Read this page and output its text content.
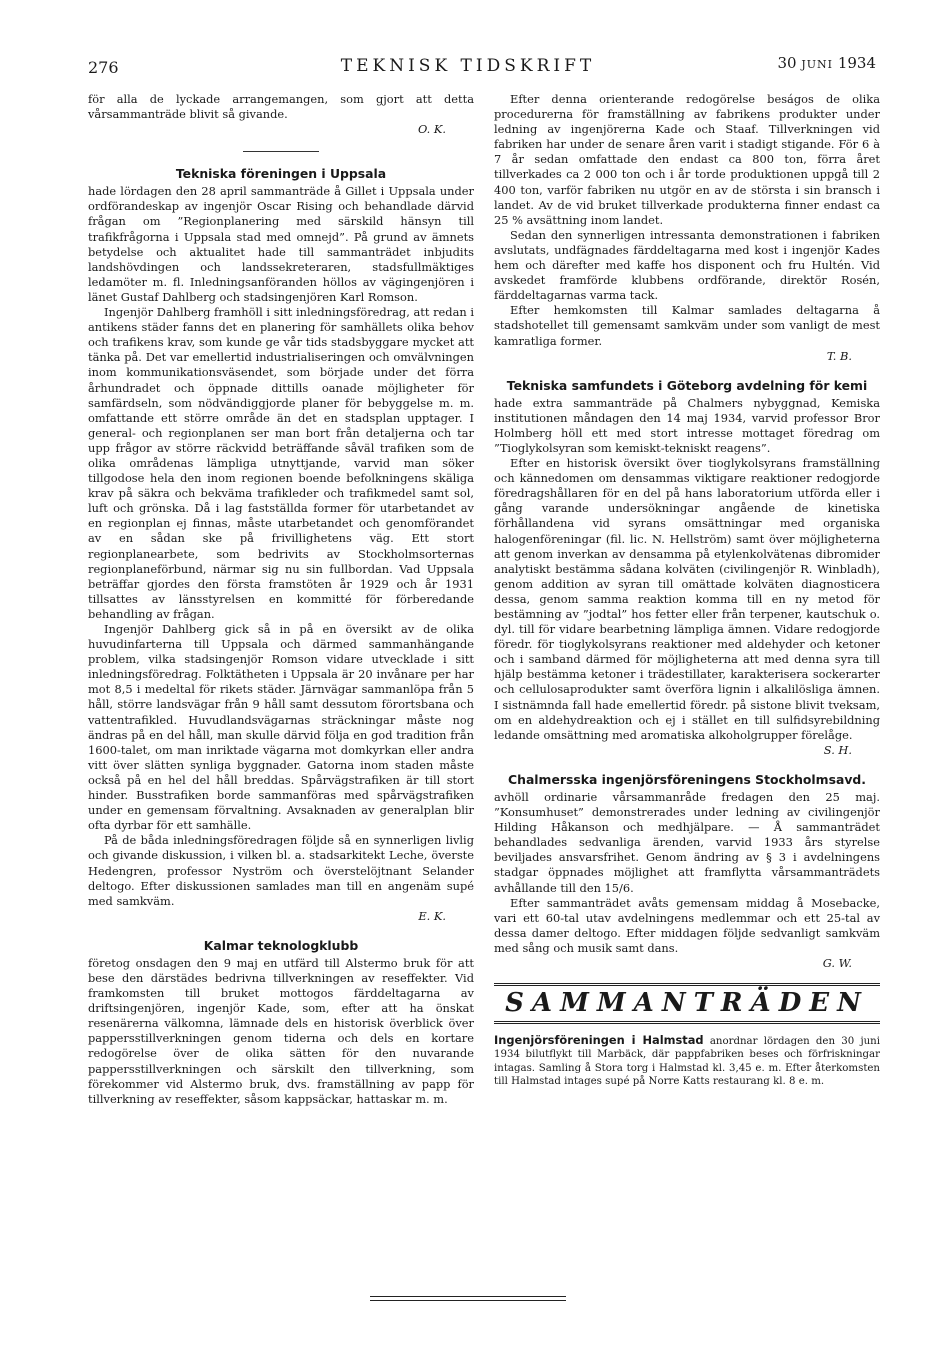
276	TEKNISK TIDSKRIFT	30 JUNI 1934

för alla de lyckade arrangemangen, som gjort att detta vårsammanträde blivit så givande.

O. K.
Tekniska föreningen i Uppsala

hade lördagen den 28 april sammanträde å Gillet i Uppsala under ordförandeskap av ingenjör Oscar Rising och behandlade därvid frågan om ”Regionplanering med särskild hänsyn till trafikfrågorna i Uppsala stad med omnejd”. På grund av ämnets betydelse och aktualitet hade till sammanträdet inbjudits landshövdingen och landssekreteraren, stadsfullmäktiges ledamöter m. fl. Inledningsanföranden höllos av vägingenjören i länet Gustaf Dahlberg och stadsingenjören Karl Romson.

Ingenjör Dahlberg framhöll i sitt inledningsföredrag, att redan i antikens städer fanns det en planering för samhällets olika behov och trafikens krav, som kunde ge vår tids stadsbyggare mycket att tänka på. Det var emellertid industrialiseringen och omvälvningen inom kommunikationsväsendet, som började under det förra århundradet och öppnade dittills oanade möjligheter för samfärdseln, som nödvändiggjorde planer för bebyggelse m. m. omfattande ett större område än det en stadsplan upptager. I general- och regionplanen ser man bort från detaljerna och tar upp frågor av större räckvidd beträffande såväl trafiken som de olika områdenas lämpliga utnyttjande, varvid man söker tillgodose hela den inom regionen boende befolkningens skäliga krav på säkra och bekväma trafikleder och trafikmedel samt sol, luft och grönska. Då i lag fastställda former för utarbetandet av en regionplan ej finnas, måste utarbetandet och genomförandet av en sådan ske på frivillighetens väg. Ett stort regionplanearbete, som bedrivits av Stockholmsorternas regionplaneförbund, närmar sig nu sin fullbordan. Vad Uppsala beträffar gjordes den första framstöten år 1929 och år 1931 tillsattes av länsstyrelsen en kommitté för förberedande behandling av frågan.

Ingenjör Dahlberg gick så in på en översikt av de olika huvudinfarterna till Uppsala och därmed sammanhängande problem, vilka stadsingenjör Romson vidare utvecklade i sitt inledningsföredrag. Folktätheten i Uppsala är 20 invånare per har mot 8,5 i medeltal för rikets städer. Järnvägar sammanlöpa från 5 håll, större landsvägar från 9 håll samt dessutom förortsbana och vattentrafikled. Huvudlandsvägarnas sträckningar måste nog ändras på en del håll, man skulle därvid följa en god tradition från 1600-talet, om man inriktade vägarna mot domkyrkan eller andra vitt över slätten synliga byggnader. Gatorna inom staden måste också på en hel del håll breddas. Spårvägstrafiken är till stort hinder. Busstrafiken borde sammanföras med spårvägstrafiken under en gemensam förvaltning. Avsaknaden av generalplan blir ofta dyrbar för ett samhälle.

På de båda inledningsföredragen följde så en synnerligen livlig och givande diskussion, i vilken bl. a. stadsarkitekt Leche, överste Hedengren, professor Nyström och överstelöjtnant Selander deltogo. Efter diskussionen samlades man till en angenäm supé med samkväm.

E. K.
Kalmar teknologklubb

företog onsdagen den 9 maj en utfärd till Alstermo bruk för att bese den därstädes bedrivna tillverkningen av reseffekter. Vid framkomsten till bruket mottogos färddeltagarna av driftsingenjören, ingenjör Kade, som, efter att ha önskat resenärerna välkomna, lämnade dels en historisk överblick över pappersstillverkningen genom tiderna och dels en kortare redogörelse över de olika sätten för den nuvarande pappersstillverkningen och särskilt den tillverkning, som förekommer vid Alstermo bruk, dvs. framställning av papp för tillverkning av reseffekter, såsom kappsäckar, hattaskar m. m.

Efter denna orienterande redogörelse beságos de olika procedurerna för framställning av fabrikens produkter under ledning av ingenjörerna Kade och Staaf. Tillverkningen vid fabriken har under de senare åren varit i stadigt stigande. För 6 à 7 år sedan omfattade den endast ca 800 ton, förra året tillverkades ca 2 000 ton och i år torde produktionen uppgå till 2 400 ton, varför fabriken nu utgör en av de största i sin bransch i landet. Av de vid bruket tillverkade produkterna finner endast ca 25 % avsättning inom landet.

Sedan den synnerligen intressanta demonstrationen i fabriken avslutats, undfägnades färddeltagarna med kost i ingenjör Kades hem och därefter med kaffe hos disponent och fru Hultén. Vid avskedet framförde klubbens ordförande, direktör Rosén, färddeltagarnas varma tack.

Efter hemkomsten till Kalmar samlades deltagarna å stadshotellet till gemensamt samkväm under som vanligt de mest kamratliga former.

T. B.
Tekniska samfundets i Göteborg avdelning för kemi

hade extra sammanträde på Chalmers nybyggnad, Kemiska institutionen måndagen den 14 maj 1934, varvid professor Bror Holmberg höll ett med stort intresse mottaget föredrag om ”Tioglykolsyran som kemiskt-tekniskt reagens”.

Efter en historisk översikt över tioglykolsyrans framställning och kännedomen om densammas viktigare reaktioner redogjorde föredragshållaren för en del på hans laboratorium utförda eller i gång varande undersökningar angående de kinetiska förhållandena vid syrans omsättningar med organiska halogenföreningar (fil. lic. N. Hellström) samt över möjligheterna att genom inverkan av densamma på etylenkolvätenas dibromider analytiskt bestämma sådana kolväten (civilingenjör R. Winbladh), genom addition av syran till omättade kolväten diagnosticera dessa, genom samma reaktion komma till en ny metod för bestämning av ”jodtal” hos fetter eller från terpener, kautschuk o. dyl. till för vidare bearbetning lämpliga ämnen. Vidare redogjorde föredr. för tioglykolsyrans reaktioner med aldehyder och ketoner och i samband därmed för möjligheterna att med denna syra till hjälp bestämma ketoner i trädestillater, karakterisera sockerarter och cellulosaprodukter samt överföra lignin i alkalilösliga ämnen. I sistnämnda fall hade emellertid föredr. på sistone blivit tveksam, om en aldehydreaktion och ej i stället en till sulfidsyrebildning ledande omsättning med aromatiska alkoholgrupper förelåge.

S. H.
Chalmersska ingenjörsföreningens Stockholmsavd.

avhöll ordinarie vårsammanråde fredagen den 25 maj. ”Konsumhuset” demonstrerades under ledning av civilingenjör Hilding Håkanson och medhjälpare. — Å sammanträdet behandlades sedvanliga ärenden, varvid 1933 års styrelse beviljades ansvarsfrihet. Genom ändring av § 3 i avdelningens stadgar öppnades möjlighet att framflytta vårsammanträdets avhållande till den 15/6.

Efter sammanträdet avåts gemensam middag å Mosebacke, vari ett 60-tal utav avdelningens medlemmar och ett 25-tal av dessa damer deltogo. Efter middagen följde sedvanligt samkväm med sång och musik samt dans.

G. W.
SAMMANTRÄDEN

Ingenjörsföreningen i Halmstad anordnar lördagen den 30 juni 1934 bilutflykt till Marbäck, där pappfabriken beses och förfriskningar intagas. Samling å Stora torg i Halmstad kl. 3,45 e. m. Efter återkomsten till Halmstad intages supé på Norre Katts restaurang kl. 8 e. m.
